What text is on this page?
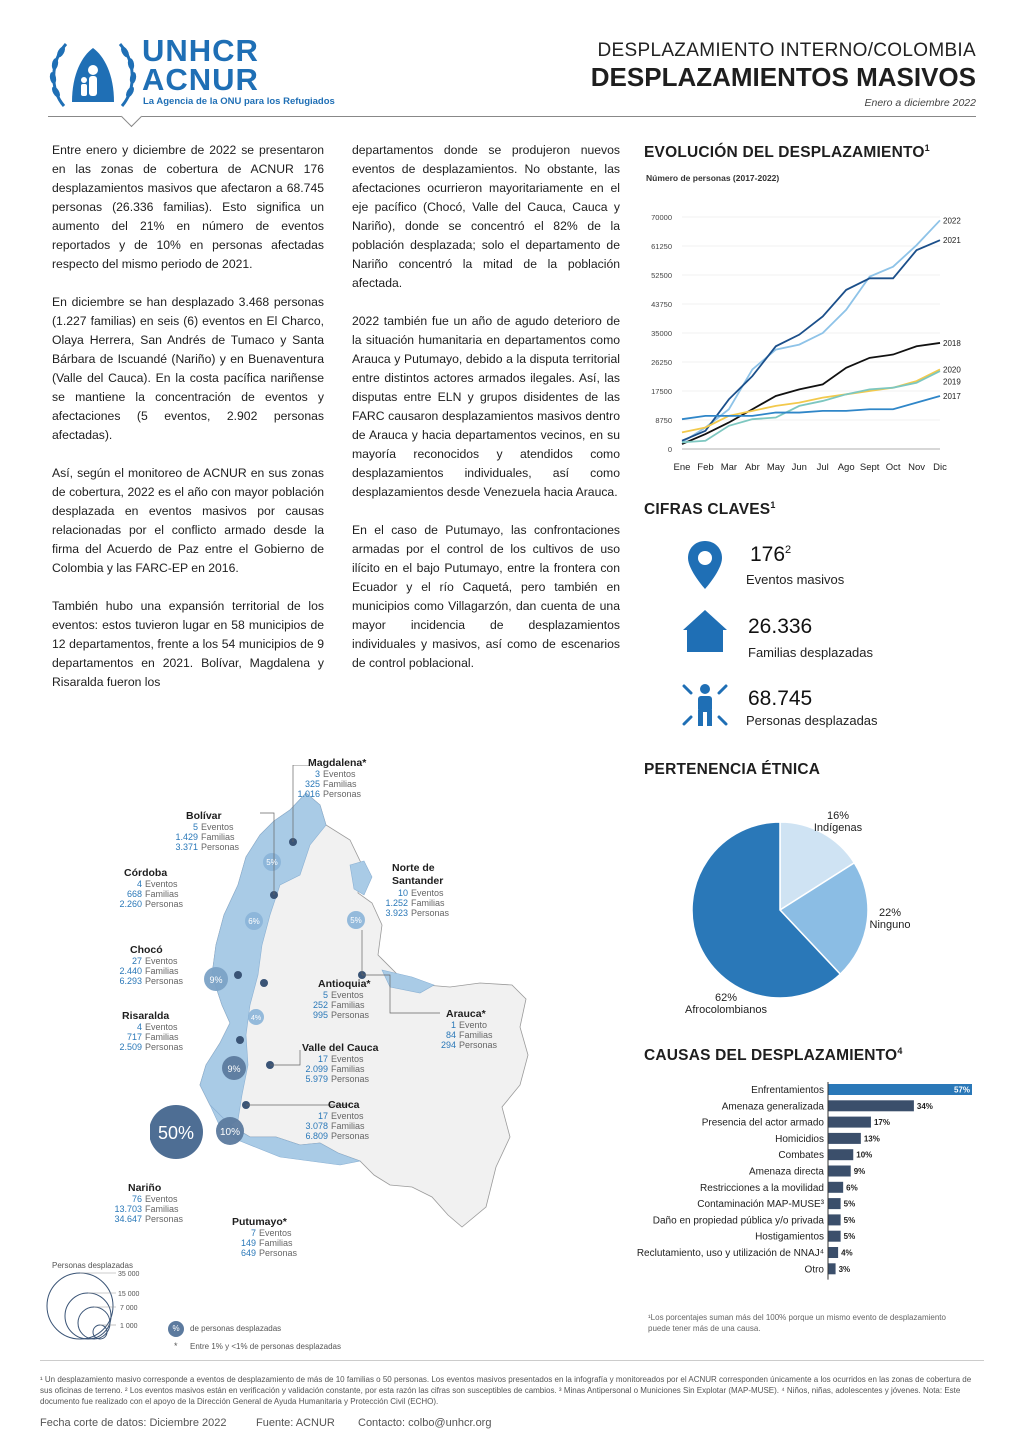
UNHCR
ACNUR
La Agencia de la ONU para los Refugiados
DESPLAZAMIENTO INTERNO/COLOMBIA
DESPLAZAMIENTOS MASIVOS
Enero a diciembre 2022

Entre enero y diciembre de 2022 se presentaron en las zonas de cobertura de ACNUR 176 desplazamientos masivos que afectaron a 68.745 personas (26.336 familias). Esto significa un aumento del 21% en número de eventos reportados y de 10% en personas afectadas respecto del mismo periodo de 2021.

En diciembre se han desplazado 3.468 personas (1.227 familias) en seis (6) eventos en El Charco, Olaya Herrera, San Andrés de Tumaco y Santa Bárbara de Iscuandé (Nariño) y en Buenaventura (Valle del Cauca). En la costa pacífica nariñense se mantiene la concentración de eventos y afectaciones (5 eventos, 2.902 personas afectadas).

Así, según el monitoreo de ACNUR en sus zonas de cobertura, 2022 es el año con mayor población desplazada en eventos masivos por causas relacionadas por el conflicto armado desde la firma del Acuerdo de Paz entre el Gobierno de Colombia y las FARC-EP en 2016.

También hubo una expansión territorial de los eventos: estos tuvieron lugar en 58 municipios de 12 departamentos, frente a los 54 municipios de 9 departamentos en 2021. Bolívar, Magdalena y Risaralda fueron los

departamentos donde se produjeron nuevos eventos de desplazamientos. No obstante, las afectaciones ocurrieron mayoritariamente en el eje pacífico (Chocó, Valle del Cauca, Cauca y Nariño), donde se concentró el 82% de la población desplazada; solo el departamento de Nariño concentró la mitad de la población afectada.

2022 también fue un año de agudo deterioro de la situación humanitaria en departamentos como Arauca y Putumayo, debido a la disputa territorial entre distintos actores armados ilegales. Así, las disputas entre ELN y grupos disidentes de las FARC causaron desplazamientos masivos dentro de Arauca y hacia departamentos vecinos, en su mayoría reconocidos y atendidos como desplazamientos individuales, así como desplazamientos desde Venezuela hacia Arauca.

En el caso de Putumayo, las confrontaciones armadas por el control de los cultivos de uso ilícito en el bajo Putumayo, entre la frontera con Ecuador y el río Caquetá, pero también en municipios como Villagarzón, dan cuenta de una mayor incidencia de desplazamientos individuales y masivos, así como de escenarios de control poblacional.

EVOLUCIÓN DEL DESPLAZAMIENTO$^1$
Número de personas (2017-2022)
0
8750
17500
26250
35000
43750
52500
61250
70000
Ene Feb Mar Abr May Jun Jul Ago Sept Oct Nov Dic
2022
2021
2018
2020
2019
2017
CIFRAS CLAVES$^1$
$176^2$
Eventos masivos
26.336
Familias desplazadas
68.745
Personas desplazadas
PERTENENCIA ÉTNICA
16%
Indígenas
22%
Ninguno
62%
Afrocolombianos
CAUSAS DEL DESPLAZAMIENTO$^4$
Enfrentamientos	57%
Amenaza generalizada	34%
Presencia del actor armado	17%
Homicidios	13%
Combates	10%
Amenaza directa	9%
Restricciones a la movilidad	6%
Contaminación MAP-MUSE³ 5%
Daño en propiedad pública y/o privada 5%
Hostigamientos 5%
Reclutamiento, uso y utilización de NNAJ⁴ 4%
Otro 3%
¹Los porcentajes suman más del 100% porque un mismo evento de desplazamiento puede tener más de una causa.
5%
6%	5%
9%
4%
9%
10%
50%
Magdalena*
3 Eventos
325 Familias
1.016 Personas
Bolívar
5 Eventos
1.429 Familias
3.371 Personas
Córdoba
4 Eventos
668 Familias
2.260 Personas
Norte de Santander
10 Eventos
1.252 Familias
3.923 Personas
Chocó
27 Eventos
2.440 Familias
6.293 Personas	Antioquia*
5 Eventos
252 Familias
995 Personas	Arauca*
1 Evento
84 Familias
294 Personas
Risaralda
4 Eventos
717 Familias
2.509 Personas	Valle del Cauca
17 Eventos
2.099 Familias
5.979 Personas
Cauca
17 Eventos
3.078 Familias
6.809 Personas
Nariño
76 Eventos
13.703 Familias
34.647 Personas	Putumayo*
7 Eventos
149 Familias
649 Personas
Personas desplazadas
35 000
15 000
7 000
1 000	%	de personas desplazadas
* Entre 1% y <1% de personas desplazadas
¹ Un desplazamiento masivo corresponde a eventos de desplazamiento de más de 10 familias o 50 personas. Los eventos masivos presentados en la infografía y monitoreados por el ACNUR corresponden únicamente a los ocurridos en las zonas de cobertura de sus oficinas de terreno. ² Los eventos masivos están en verificación y validación constante, por esta razón las cifras son susceptibles de cambios. ³ Minas Antipersonal o Municiones Sin Explotar (MAP-MUSE). ⁴ Niños, niñas, adolescentes y jóvenes. Nota: Este documento fue realizado con el apoyo de la Dirección General de Ayuda Humanitaria y Protección Civil (ECHO).
Fecha corte de datos: Diciembre 2022	Fuente: ACNUR Contacto: colbo@unhcr.org
